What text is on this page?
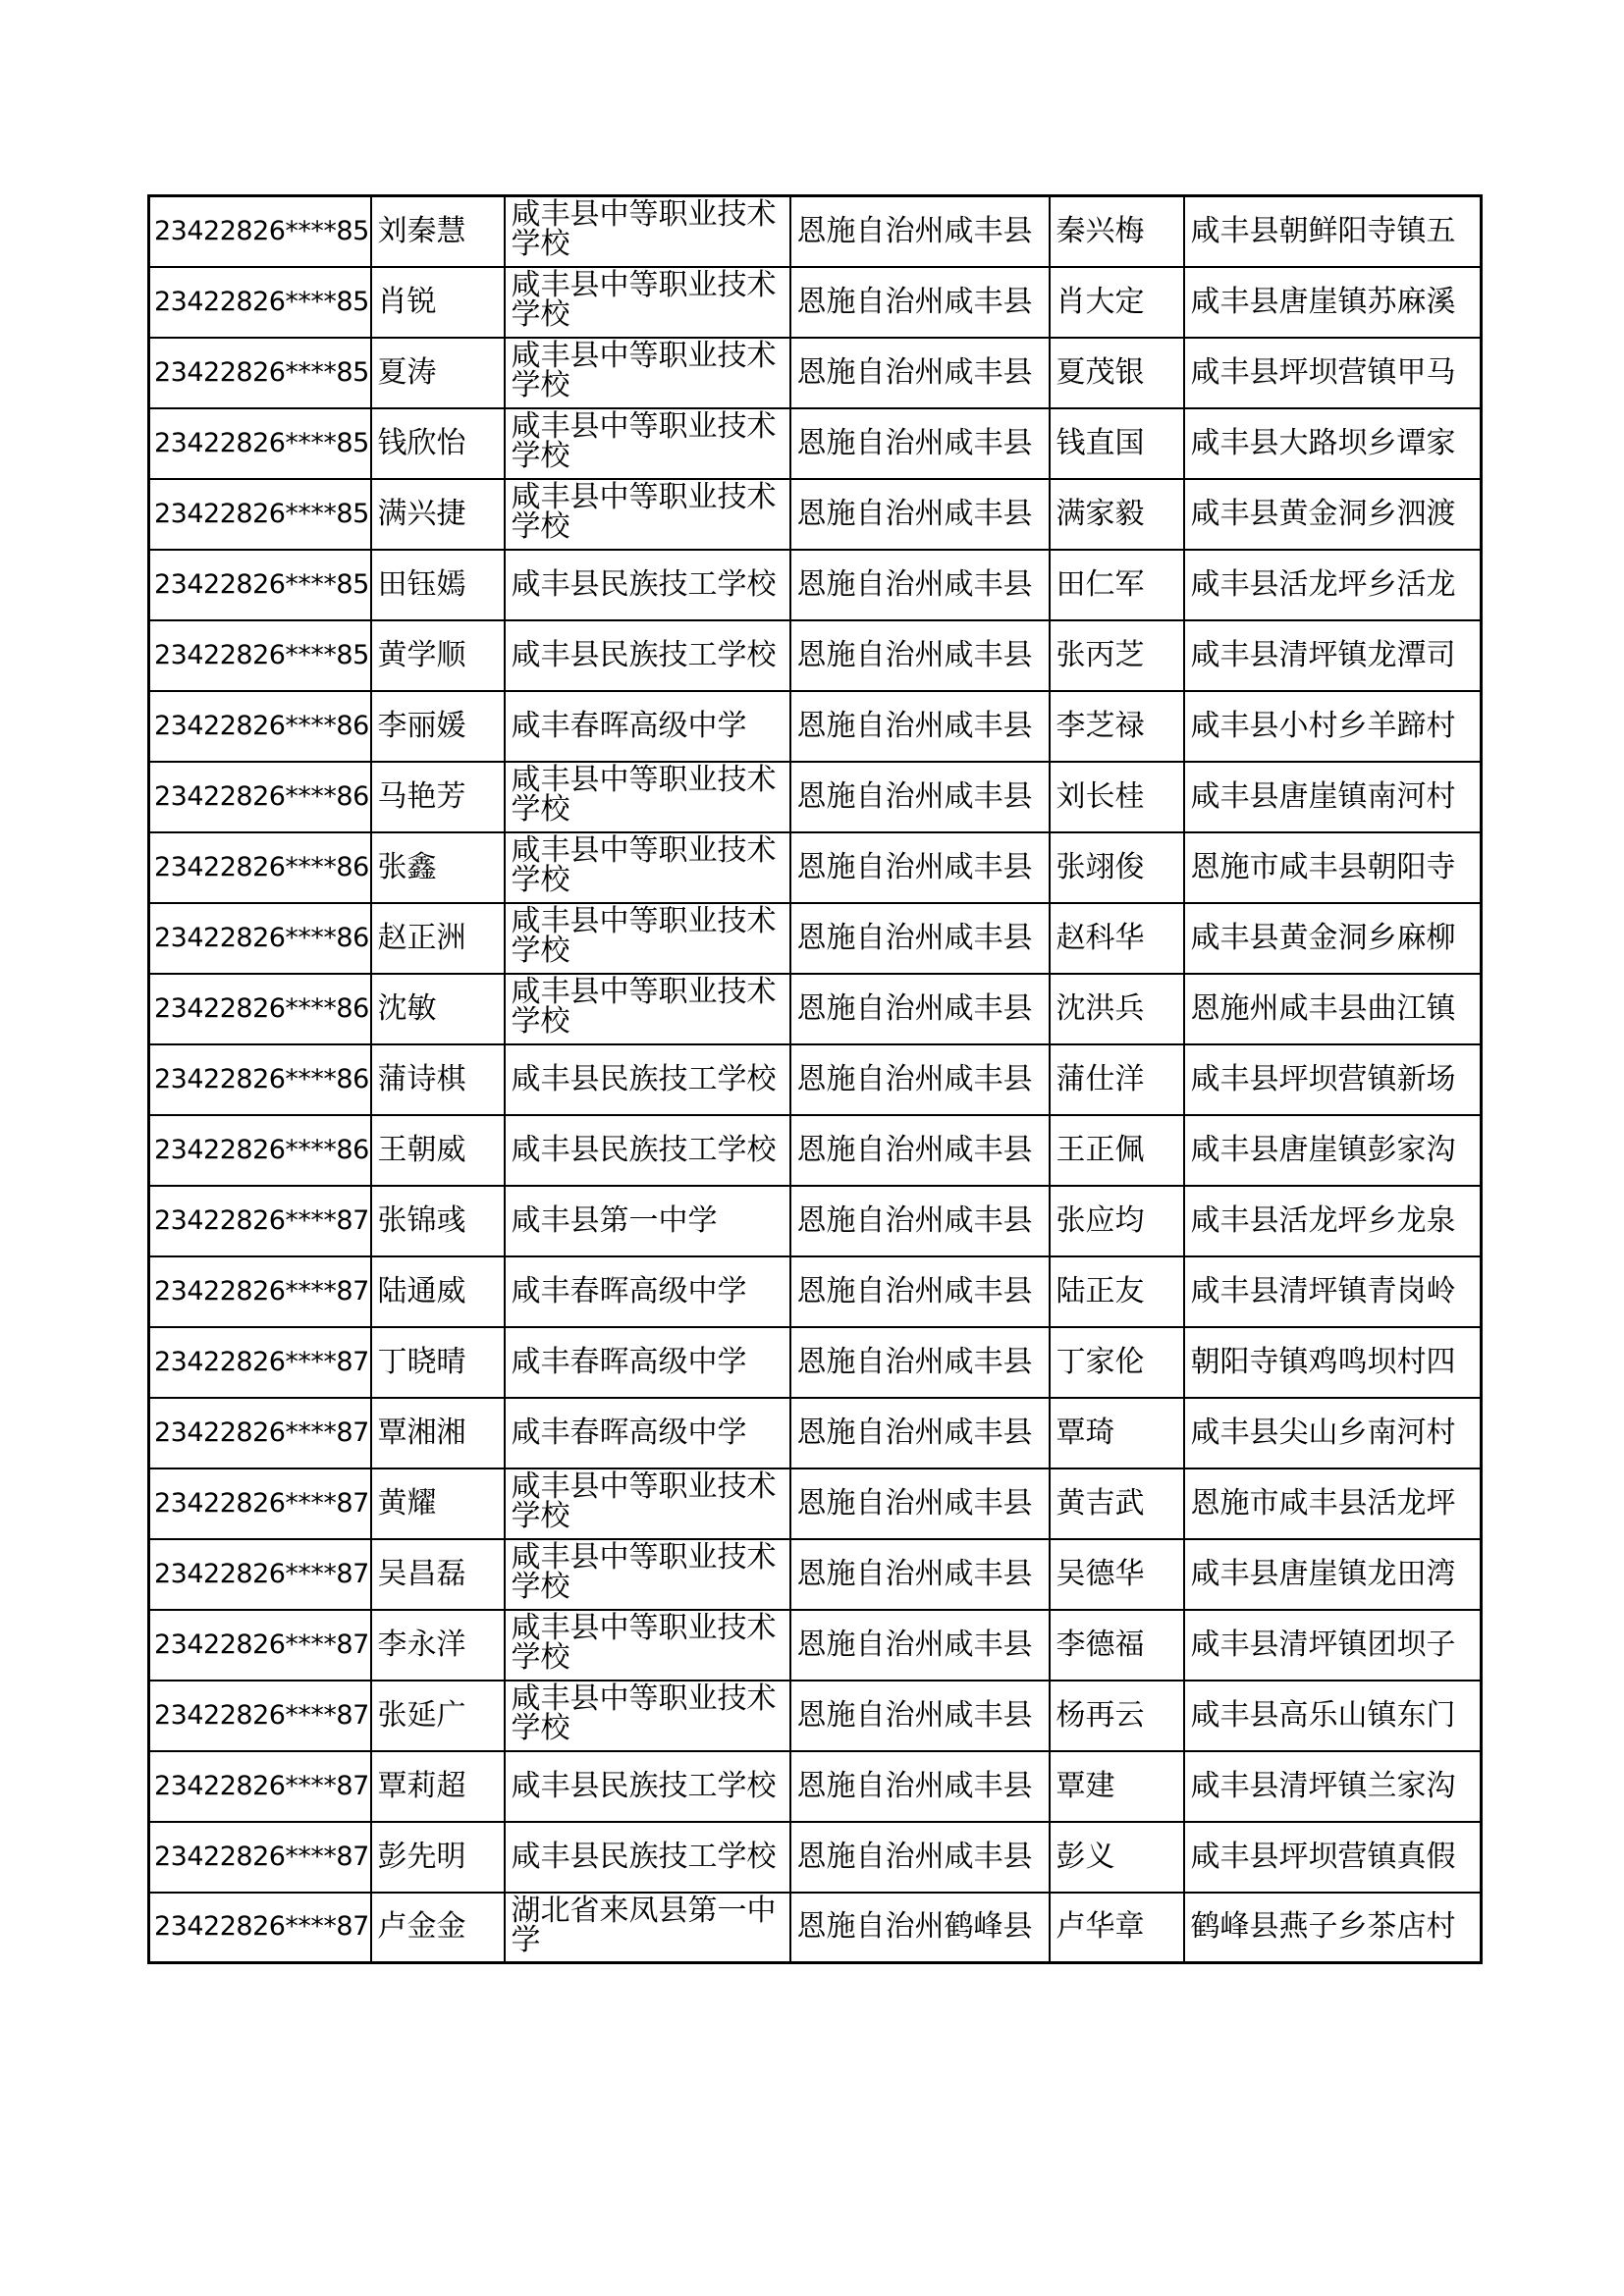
23422826****85	刘秦慧	咸丰县中等职业技术学校	恩施自治州咸丰县	秦兴梅	咸丰县朝鲜阳寺镇五
23422826****85	肖锐	咸丰县中等职业技术学校	恩施自治州咸丰县	肖大定	咸丰县唐崖镇苏麻溪
23422826****85	夏涛	咸丰县中等职业技术学校	恩施自治州咸丰县	夏茂银	咸丰县坪坝营镇甲马
23422826****85	钱欣怡	咸丰县中等职业技术学校	恩施自治州咸丰县	钱直国	咸丰县大路坝乡谭家
23422826****85	满兴捷	咸丰县中等职业技术学校	恩施自治州咸丰县	满家毅	咸丰县黄金洞乡泗渡
23422826****85	田钰嫣	咸丰县民族技工学校	恩施自治州咸丰县	田仁军	咸丰县活龙坪乡活龙
23422826****85	黄学顺	咸丰县民族技工学校	恩施自治州咸丰县	张丙芝	咸丰县清坪镇龙潭司
23422826****86	李丽媛	咸丰春晖高级中学	恩施自治州咸丰县	李芝禄	咸丰县小村乡羊蹄村
23422826****86	马艳芳	咸丰县中等职业技术学校	恩施自治州咸丰县	刘长桂	咸丰县唐崖镇南河村
23422826****86	张鑫	咸丰县中等职业技术学校	恩施自治州咸丰县	张翊俊	恩施市咸丰县朝阳寺
23422826****86	赵正洲	咸丰县中等职业技术学校	恩施自治州咸丰县	赵科华	咸丰县黄金洞乡麻柳
23422826****86	沈敏	咸丰县中等职业技术学校	恩施自治州咸丰县	沈洪兵	恩施州咸丰县曲江镇
23422826****86	蒲诗棋	咸丰县民族技工学校	恩施自治州咸丰县	蒲仕洋	咸丰县坪坝营镇新场
23422826****86	王朝威	咸丰县民族技工学校	恩施自治州咸丰县	王正佩	咸丰县唐崖镇彭家沟
23422826****87	张锦彧	咸丰县第一中学	恩施自治州咸丰县	张应均	咸丰县活龙坪乡龙泉
23422826****87	陆通威	咸丰春晖高级中学	恩施自治州咸丰县	陆正友	咸丰县清坪镇青岗岭
23422826****87	丁晓晴	咸丰春晖高级中学	恩施自治州咸丰县	丁家伦	朝阳寺镇鸡鸣坝村四
23422826****87	覃湘湘	咸丰春晖高级中学	恩施自治州咸丰县	覃琦	咸丰县尖山乡南河村
23422826****87	黄耀	咸丰县中等职业技术学校	恩施自治州咸丰县	黄吉武	恩施市咸丰县活龙坪
23422826****87	吴昌磊	咸丰县中等职业技术学校	恩施自治州咸丰县	吴德华	咸丰县唐崖镇龙田湾
23422826****87	李永洋	咸丰县中等职业技术学校	恩施自治州咸丰县	李德福	咸丰县清坪镇团坝子
23422826****87	张延广	咸丰县中等职业技术学校	恩施自治州咸丰县	杨再云	咸丰县高乐山镇东门
23422826****87	覃莉超	咸丰县民族技工学校	恩施自治州咸丰县	覃建	咸丰县清坪镇兰家沟
23422826****87	彭先明	咸丰县民族技工学校	恩施自治州咸丰县	彭义	咸丰县坪坝营镇真假
23422826****87	卢金金	湖北省来凤县第一中学	恩施自治州鹤峰县	卢华章	鹤峰县燕子乡茶店村
